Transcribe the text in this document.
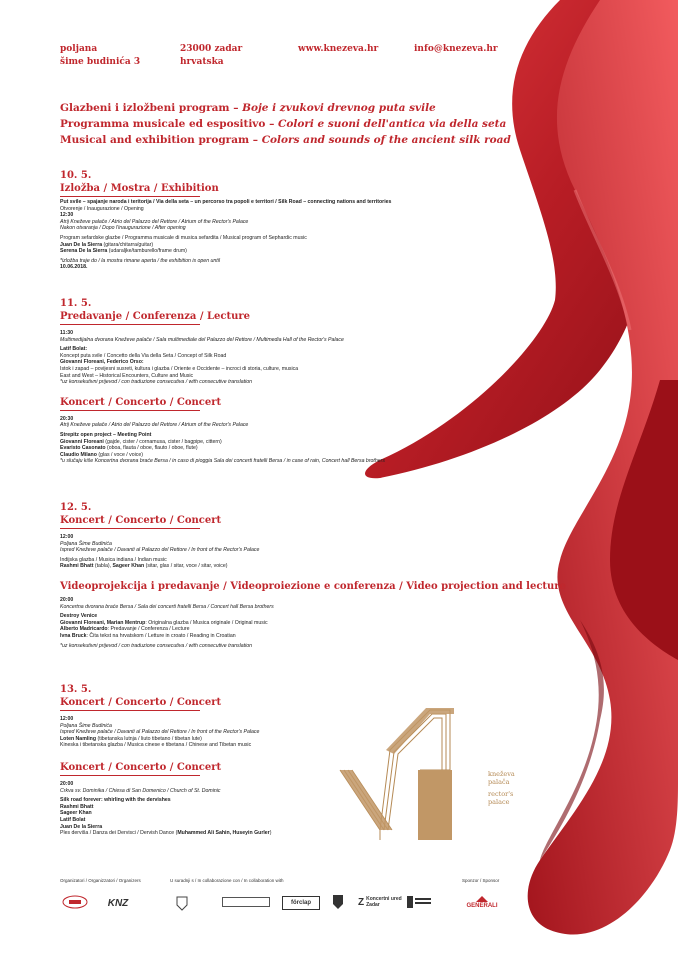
poljana
šime budinića 3
23000 zadar
hrvatska
www.knezeva.hr	info@knezeva.hr
Glazbeni i izložbeni program – Boje i zvukovi drevnog puta svile
Programma musicale ed espositivo – Colori e suoni dell'antica via della seta
Musical and exhibition program – Colors and sounds of the ancient silk road
10. 5.
Izložba / Mostra / Exhibition
Put svile – spajanje naroda i teritorija / Via della seta – un percorso tra popoli e territori / Silk Road – connecting nations and territories
Otvorenje / Inaugurazione / Opening
12:30
Atrij Kneževe palače / Atrio del Palazzo del Rettore / Atrium of the Rector's Palace
Nakon otvaranja / Dopo l'inaugurazione / After opening
Program sefardske glazbe / Programma musicale di musica sefardita / Musical program of Sephardic music
Juan De la Sierra (gitara/chitarra/guitar)
Serena De la Sierra (udaraljke/tamburello/frame drum)
*izložba traje do / la mostra rimane aperta / the exhibition is open until
10.06.2018.
11. 5.
Predavanje / Conferenza / Lecture
11:30
Multimedijalna dvorana Kneževe palače / Sala multimediale del Palazzo del Rettore / Multimedia Hall of the Rector's Palace
Latif Bolat:
Koncept puta svile / Concetto della Via della Seta / Concept of Silk Road
Giovanni Floreani, Federico Orso:
Istok i zapad – povijesni susreti, kultura i glazba / Oriente e Occidente – incroci di storia, culture, musica
East and West – Historical Encounters, Culture and Music
*uz konsekutivni prijevod / con traduzione consecutiva / with consecutive translation
Koncert / Concerto / Concert
20:30
Atrij Kneževe palače / Atrio del Palazzo del Rettore / Atrium of the Rector's Palace
Strepitz open project – Meeting Point
Giovanni Floreani (gajde, cister / cornamusa, cister / bagpipe, cittern)
Evaristo Casonato (oboa, flauta / oboe, flauto / oboe, flute)
Claudio Milano (glas / voce / voice)
*u slučaju kiše Koncertna dvorana braće Bersa / in caso di pioggia Sala dei concerti fratelli Bersa / in case of rain, Concert hall Bersa brothers
12. 5.
Koncert / Concerto / Concert
12:00
Poljana Šime Budinića
Ispred Kneževe palače / Davanti al Palazzo del Rettore / In front of the Rector's Palace
Indijska glazba / Musica indiana / Indian music
Rashmi Bhatt (tabla), Sageer Khan (sitar, glas / sitar, voce / sitar, voice)
Videoprojekcija i predavanje / Videoproiezione e conferenza / Video projection and lecture
20:00
Koncertna dvorana braće Bersa / Sala dei concerti fratelli Bersa / Concert hall Bersa brothers
Destroy Venice
Giovanni Floreani, Marian Mentrup: Originalna glazba / Musica originale / Original music
Alberto Madricardo: Predavanje / Conferenza / Lecture
Ivna Bruck: Čita tekst na hrvatskom / Letture in croato / Reading in Croatian
*uz konsekutivni prijevod / con traduzione consecutiva / with consecutive translation
13. 5.
Koncert / Concerto / Concert
12:00
Poljana Šime Budinića
Ispred Kneževe palače / Davanti al Palazzo del Rettore / In front of the Rector's Palace
Loten Namling (tibetanska lutnja / liuto tibetano / tibetan lute)
Kineska i tibetanska glazba / Musica cinese e tibetana / Chinese and Tibetan music
Koncert / Concerto / Concert
20:00
Crkva sv. Dominika / Chiesa di San Domenico / Church of St. Dominic
Silk road forever: whirling with the dervishes
Rashmi Bhatt
Sageer Khan
Latif Bolat
Juan De la Sierra
Ples derviša / Danza dei Dervisci / Dervish Dance (Muhammed Ali Sahin, Huseyin Gurler)
kneževa
palača
rector's
palace
Organizatori / Organizzatori / Organizers	U suradnji s / In collaborazione con / In collaboration with	Sponzor / Sponsor
KNZ	förclap	Z Koncertni ured Zadar	GENERALI
